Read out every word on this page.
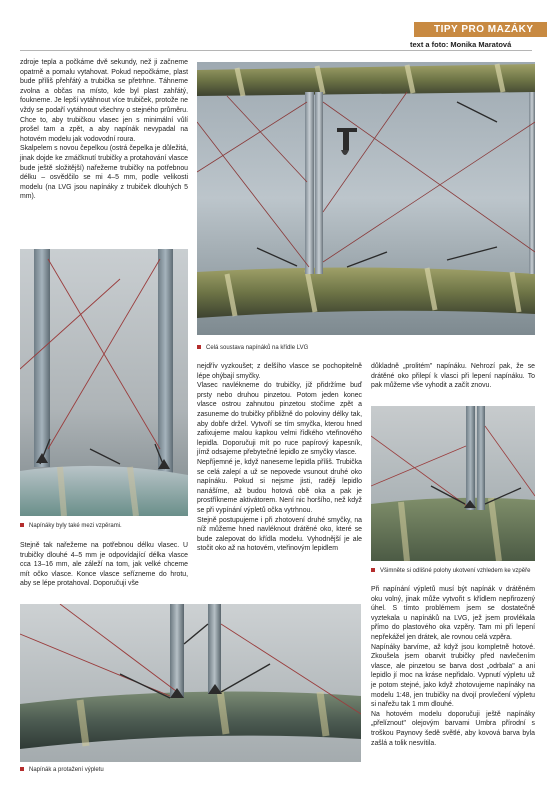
TIPY PRO MAZÁKY
text a foto: Monika Maratová

zdroje tepla a počkáme dvě sekundy, než ji začneme opatrně a pomalu vytahovat. Pokud nepočkáme, plast bude příliš přehřátý a trubička se přetrhne. Táhneme zvolna a občas na místo, kde byl plast zahřátý, foukneme. Je lepší vytáhnout více trubiček, protože ne vždy se podaří vytáhnout všechny o stejného průměru. Chce to, aby trubičkou vlasec jen s minimální vůlí prošel tam a zpět, a aby napínák nevypadal na hotovém modelu jak vodovodní roura.

Skalpelem s novou čepelkou (ostrá čepelka je důležitá, jinak dojde ke zmáčknutí trubičky a protahování vlasce bude ještě složitější) nařežeme trubičky na potřebnou délku – osvědčilo se mi 4–5 mm, podle velikosti modelu (na LVG jsou napínáky z trubiček dlouhých 5 mm).

Celá soustava napínáků na křídle LVG
Napínáky byly také mezi vzpěrami.

Stejně tak nařežeme na potřebnou délku vlasec. U trubičky dlouhé 4–5 mm je odpovídající délka vlasce cca 13–16 mm, ale záleží na tom, jak velké chceme mít očko vlasce. Konce vlasce seřízneme do hrotu, aby se lépe protahoval. Doporučuji vše

nejdřív vyzkoušet; z delšího vlasce se pochopitelně lépe ohýbají smyčky.

Vlasec navlékneme do trubičky, již přidržíme buď prsty nebo druhou pinzetou. Potom jeden konec vlasce ostrou zahnutou pinzetou stočíme zpět a zasuneme do trubičky přibližně do poloviny délky tak, aby dobře držel. Vytvoří se tím smyčka, kterou hned zafixujeme malou kapkou velmi řídkého vteřinového lepidla. Doporučuji mít po ruce papírový kapesník, jímž odsajeme přebytečné lepidlo ze smyčky vlasce.

Nepříjemné je, když naneseme lepidla příliš. Trubička se celá zalepí a už se nepovede vsunout druhé oko napínáku. Pokud si nejsme jisti, raději lepidlo nanášíme, až budou hotová obě oka a pak je prostříkneme aktivátorem. Není nic horšího, než když se při vypínání výpletů očka vytrhnou.

Stejně postupujeme i při zhotovení druhé smyčky, na níž můžeme hned navléknout drátěné oko, které se bude zalepovat do křídla modelu. Vyhodnější je ale stočit oko až na hotovém, vteřinovým lepidlem

důkladně „prolitém" napínáku. Nehrozí pak, že se drátěné oko přilepí k vlasci při lepení napínáku. To pak můžeme vše vyhodit a začít znovu.

Všimněte si odlišné polohy ukotvení vzhledem ke vzpěře

Při napínání výpletů musí být napínák v drátěném oku volný, jinak může vytvořit s křídlem nepřirozený úhel. S tímto problémem jsem se dostatečně vyztekala u napínáků na LVG, jež jsem provlékala přímo do plastového oka vzpěry. Tam mi při lepení nepřekážel jen drátek, ale rovnou celá vzpěra.

Napínáky barvíme, až když jsou kompletně hotové. Zkoušela jsem obarvit trubičky před navlečením vlasce, ale pinzetou se barva dost „odrbala" a ani lepidlo jí moc na kráse nepřidalo. Vypnutí výpletu už je potom stejné, jako když zhotovujeme napínáky na modelu 1:48, jen trubičky na dvojí provlečení výpletu si nařežu tak 1 mm dlouhé.

Na hotovém modelu doporučuji ještě napínáky „přelíznout" olejovým barvami Umbra přírodní s troškou Paynovy šedě světlé, aby kovová barva byla zašlá a tolik nesvítila.

Napínák a protažení výpletu
